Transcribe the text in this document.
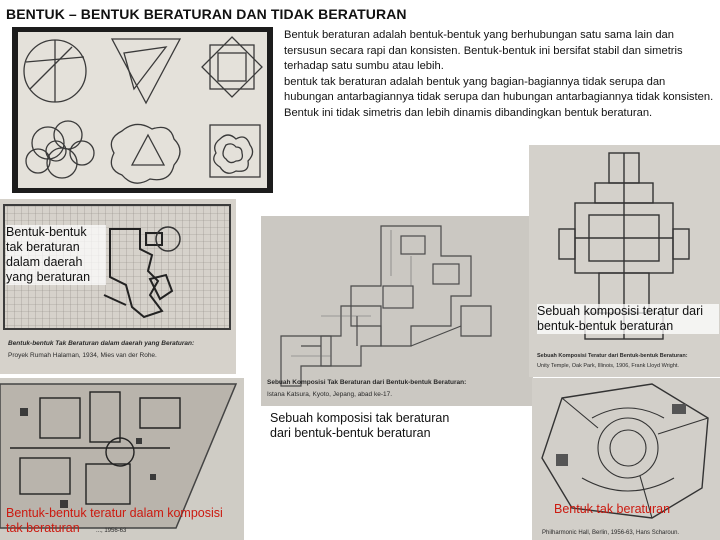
BENTUK – BENTUK BERATURAN DAN TIDAK BERATURAN

Bentuk beraturan adalah bentuk-bentuk yang berhubungan satu sama lain dan tersusun secara rapi dan konsisten. Bentuk-bentuk ini bersifat stabil dan simetris terhadap satu sumbu atau lebih.

bentuk tak beraturan adalah bentuk yang bagian-bagiannya tidak serupa dan hubungan antarbagiannya tidak serupa dan hubungan antarbagiannya tidak konsisten. Bentuk ini tidak simetris dan lebih dinamis dibandingkan bentuk beraturan.

Bentuk-bentuk Tak Beraturan dalam daerah yang Beraturan:
Proyek Rumah Halaman, 1934, Mies van der Rohe.
Bentuk-bentuk tak beraturan dalam daerah yang beraturan
Sebuah Komposisi Tak Beraturan dari Bentuk-bentuk Beraturan:
Istana Katsura, Kyoto, Jepang, abad ke-17.
Sebuah Komposisi Teratur dari Bentuk-bentuk Beraturan:
Unity Temple, Oak Park, Illinois, 1906, Frank Lloyd Wright.
Sebuah komposisi teratur dari bentuk-bentuk beraturan
..., 1956-63
Bentuk-bentuk teratur dalam komposisi tak beraturan
Sebuah komposisi tak beraturan dari bentuk-bentuk beraturan
Philharmonic Hall, Berlin, 1956-63, Hans Scharoun.
Bentuk tak beraturan
